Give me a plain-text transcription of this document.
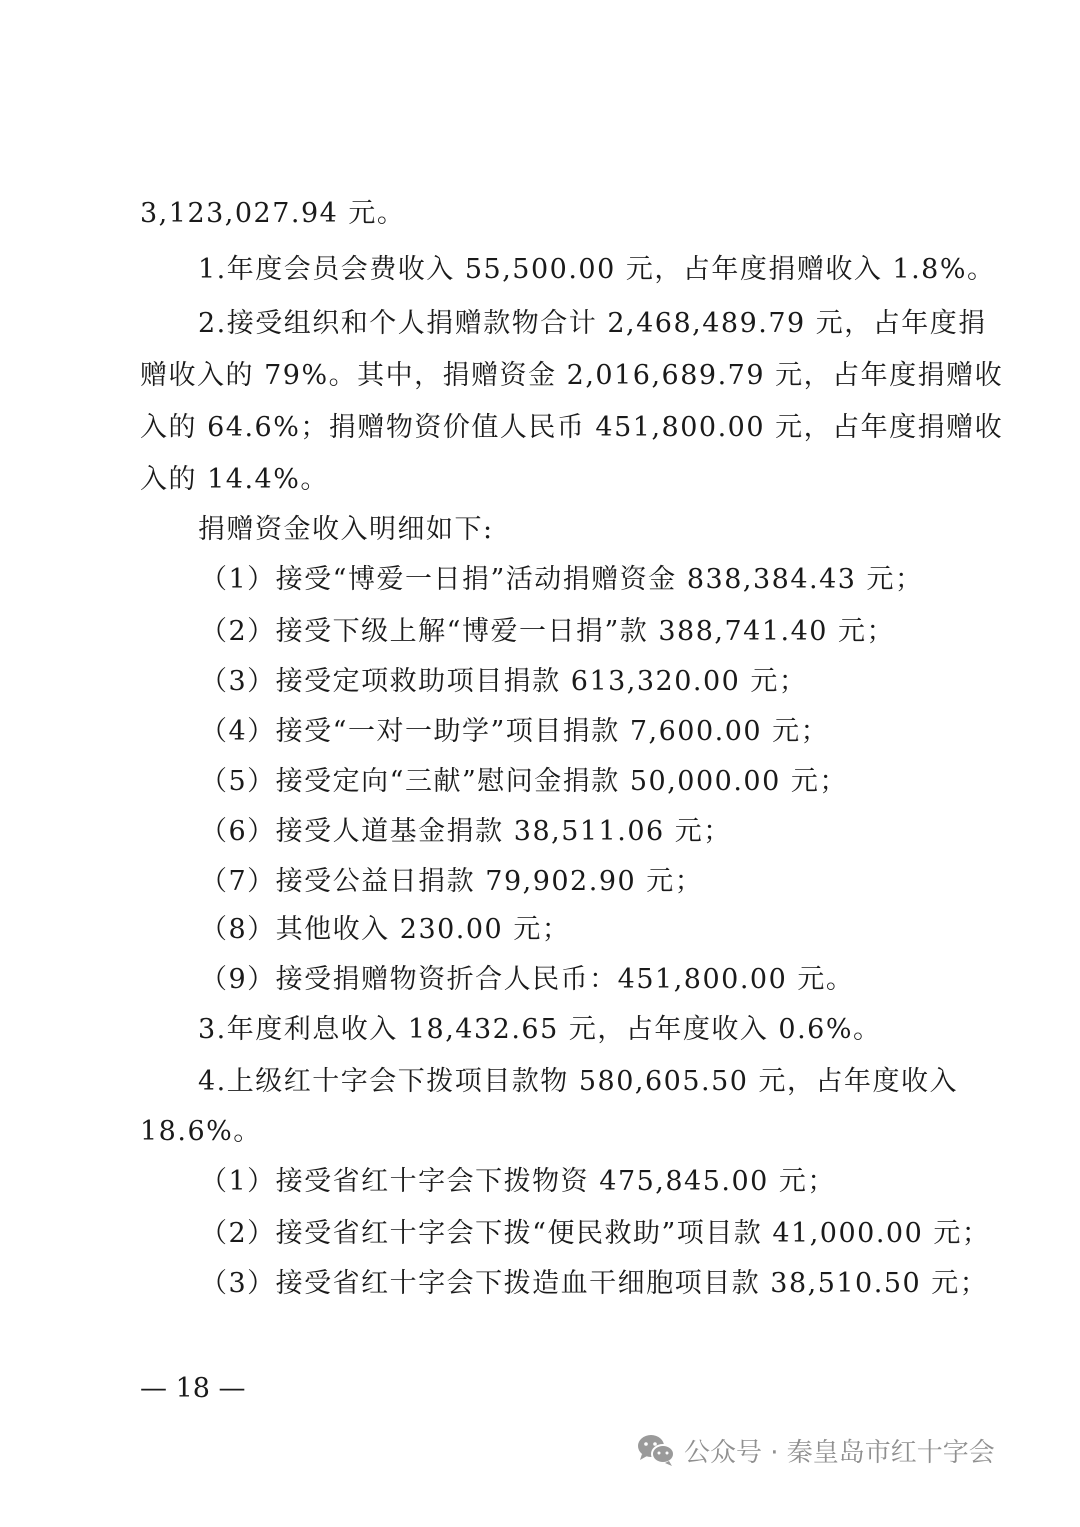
3,123,027.94 元。
1.年度会员会费收入 55,500.00 元，占年度捐赠收入 1.8%。
2.接受组织和个人捐赠款物合计 2,468,489.79 元，占年度捐
赠收入的 79%。其中，捐赠资金 2,016,689.79 元，占年度捐赠收
入的 64.6%；捐赠物资价值人民币 451,800.00 元，占年度捐赠收
入的 14.4%。
捐赠资金收入明细如下:
（1）接受“博爱一日捐”活动捐赠资金 838,384.43 元；
（2）接受下级上解“博爱一日捐”款 388,741.40 元；
（3）接受定项救助项目捐款 613,320.00 元；
（4）接受“一对一助学”项目捐款 7,600.00 元；
（5）接受定向“三献”慰问金捐款 50,000.00 元；
（6）接受人道基金捐款 38,511.06 元；
（7）接受公益日捐款 79,902.90 元；
（8）其他收入 230.00 元；
（9）接受捐赠物资折合人民币：451,800.00 元。
3.年度利息收入 18,432.65 元，占年度收入 0.6%。
4.上级红十字会下拨项目款物 580,605.50 元，占年度收入
18.6%。
（1）接受省红十字会下拨物资 475,845.00 元；
（2）接受省红十字会下拨“便民救助”项目款 41,000.00 元；
（3）接受省红十字会下拨造血干细胞项目款 38,510.50 元；
— 18 —
公众号 · 秦皇岛市红十字会
